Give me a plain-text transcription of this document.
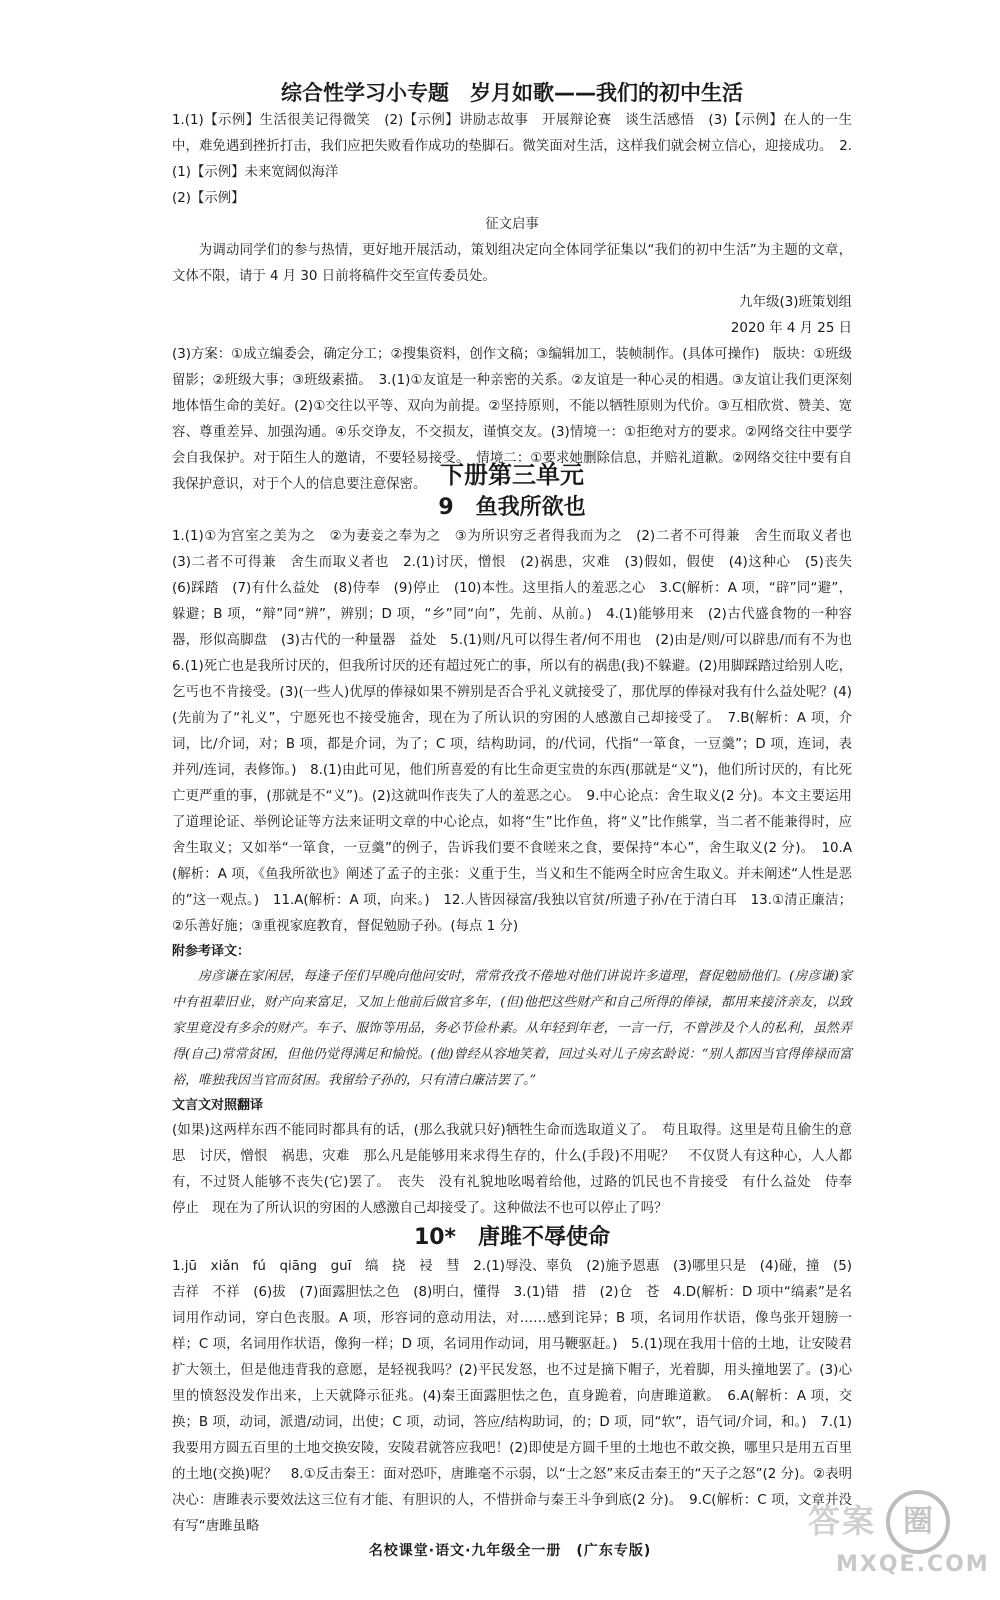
综合性学习小专题　岁月如歌——我们的初中生活

1.(1)【示例】生活很美记得微笑　(2)【示例】讲励志故事　开展辩论赛　谈生活感悟　(3)【示例】在人的一生中，难免遇到挫折打击，我们应把失败看作成功的垫脚石。微笑面对生活，这样我们就会树立信心，迎接成功。　2.(1)【示例】未来宽阔似海洋

(2)【示例】

征文启事

为调动同学们的参与热情，更好地开展活动，策划组决定向全体同学征集以“我们的初中生活”为主题的文章，文体不限，请于 4 月 30 日前将稿件交至宣传委员处。

九年级(3)班策划组

2020 年 4 月 25 日

(3)方案：①成立编委会，确定分工；②搜集资料，创作文稿；③编辑加工，装帧制作。(具体可操作)　版块：①班级留影；②班级大事；③班级素描。　3.(1)①友谊是一种亲密的关系。②友谊是一种心灵的相遇。③友谊让我们更深刻地体悟生命的美好。(2)①交往以平等、双向为前提。②坚持原则，不能以牺牲原则为代价。③互相欣赏、赞美、宽容、尊重差异、加强沟通。④乐交诤友，不交损友，谨慎交友。(3)情境一：①拒绝对方的要求。②网络交往中要学会自我保护。对于陌生人的邀请，不要轻易接受。　情境二：①要求她删除信息，并赔礼道歉。②网络交往中要有自我保护意识，对于个人的信息要注意保密。 下册第三单元

9　鱼我所欲也

1.(1)①为宫室之美为之　②为妻妾之奉为之　③为所识穷乏者得我而为之　(2)二者不可得兼　舍生而取义者也　(3)二者不可得兼　舍生而取义者也　2.(1)讨厌，憎恨　(2)祸患，灾难　(3)假如，假使　(4)这种心　(5)丧失　(6)踩踏　(7)有什么益处　(8)侍奉　(9)停止　(10)本性。这里指人的羞恶之心　3.C(解析：A 项，“辟”同“避”，躲避；B 项，“辩”同“辨”，辨别；D 项，“乡”同“向”，先前、从前。)　4.(1)能够用来　(2)古代盛食物的一种容器，形似高脚盘　(3)古代的一种量器　益处　5.(1)则/凡可以得生者/何不用也　(2)由是/则/可以辟患/而有不为也　6.(1)死亡也是我所讨厌的，但我所讨厌的还有超过死亡的事，所以有的祸患(我)不躲避。(2)用脚踩踏过给别人吃，乞丐也不肯接受。(3)(一些人)优厚的俸禄如果不辨别是否合乎礼义就接受了，那优厚的俸禄对我有什么益处呢？(4)(先前为了“礼义”，宁愿死也不接受施舍，现在为了所认识的穷困的人感激自己却接受了。　7.B(解析：A 项，介词，比/介词，对；B 项，都是介词，为了；C 项，结构助词，的/代词，代指“一箪食，一豆羹”；D 项，连词，表并列/连词，表修饰。)　8.(1)由此可见，他们所喜爱的有比生命更宝贵的东西(那就是“义”)，他们所讨厌的，有比死亡更严重的事，(那就是不“义”)。(2)这就叫作丧失了人的羞恶之心。　9.中心论点：舍生取义(2 分)。本文主要运用了道理论证、举例论证等方法来证明文章的中心论点，如将“生”比作鱼，将“义”比作熊掌，当二者不能兼得时，应舍生取义；又如举“一箪食，一豆羹”的例子，告诉我们要不食嗟来之食，要保持“本心”，舍生取义(2 分)。　10.A(解析：A 项，《鱼我所欲也》阐述了孟子的主张：义重于生，当义和生不能两全时应舍生取义。并未阐述“人性是恶的”这一观点。)　11.A(解析：A 项，向来。)　12.人皆因禄富/我独以官贫/所遗子孙/在于清白耳　13.①清正廉洁；②乐善好施；③重视家庭教育，督促勉励子孙。(每点 1 分)

附参考译文：

房彦谦在家闲居，每逢子侄们早晚向他问安时，常常孜孜不倦地对他们讲说许多道理，督促勉励他们。(房彦谦)家中有祖辈旧业，财产向来富足，又加上他前后做官多年，(但)他把这些财产和自己所得的俸禄，都用来接济亲友，以致家里竟没有多余的财产。车子、服饰等用品，务必节俭朴素。从年轻到年老，一言一行，不曾涉及个人的私利，虽然弄得(自己)常常贫困，但他仍觉得满足和愉悦。(他)曾经从容地笑着，回过头对儿子房玄龄说：“别人都因当官得俸禄而富裕，唯独我因当官而贫困。我留给子孙的，只有清白廉洁罢了。”

文言文对照翻译

(如果)这两样东西不能同时都具有的话，(那么我就只好)牺牲生命而选取道义了。　苟且取得。这里是苟且偷生的意思　讨厌，憎恨　祸患，灾难　那么凡是能够用来求得生存的，什么(手段)不用呢？　不仅贤人有这种心，人人都有，不过贤人能够不丧失(它)罢了。　丧失　没有礼貌地吆喝着给他，过路的饥民也不肯接受　有什么益处　侍奉　停止　现在为了所认识的穷困的人感激自己却接受了。这种做法不也可以停止了吗？

10*　唐雎不辱使命

1.jū　xiǎn　fú　qiāng　guī　缟　挠　祲　彗　2.(1)辱没、辜负　(2)施予恩惠　(3)哪里只是　(4)碰，撞　(5)吉祥　不祥　(6)拔　(7)面露胆怯之色　(8)明白，懂得　3.(1)错　措　(2)仓　苍　4.D(解析：D 项中“缟素”是名词用作动词，穿白色丧服。A 项，形容词的意动用法，对……感到诧异；B 项，名词用作状语，像鸟张开翅膀一样；C 项，名词用作状语，像狗一样；D 项，名词用作动词，用马鞭驱赶。)　5.(1)现在我用十倍的土地，让安陵君扩大领土，但是他违背我的意愿，是轻视我吗？(2)平民发怒，也不过是摘下帽子，光着脚，用头撞地罢了。(3)心里的愤怒没发作出来，上天就降示征兆。(4)秦王面露胆怯之色，直身跪着，向唐雎道歉。　6.A(解析：A 项，交换；B 项，动词，派遣/动词，出使；C 项，动词，答应/结构助词，的；D 项，同“软”，语气词/介词，和。)　7.(1)我要用方圆五百里的土地交换安陵，安陵君就答应我吧！(2)即使是方圆千里的土地也不敢交换，哪里只是用五百里的土地(交换)呢？　8.①反击秦王：面对恐吓，唐雎毫不示弱，以“士之怒”来反击秦王的“天子之怒”(2 分)。②表明决心：唐雎表示要效法这三位有才能、有胆识的人，不惜拼命与秦王斗争到底(2 分)。　9.C(解析：C 项，文章并没有写“唐雎虽略

名校课堂·语文·九年级全一册　(广东专版)
答案 圈
MXQE.COM
